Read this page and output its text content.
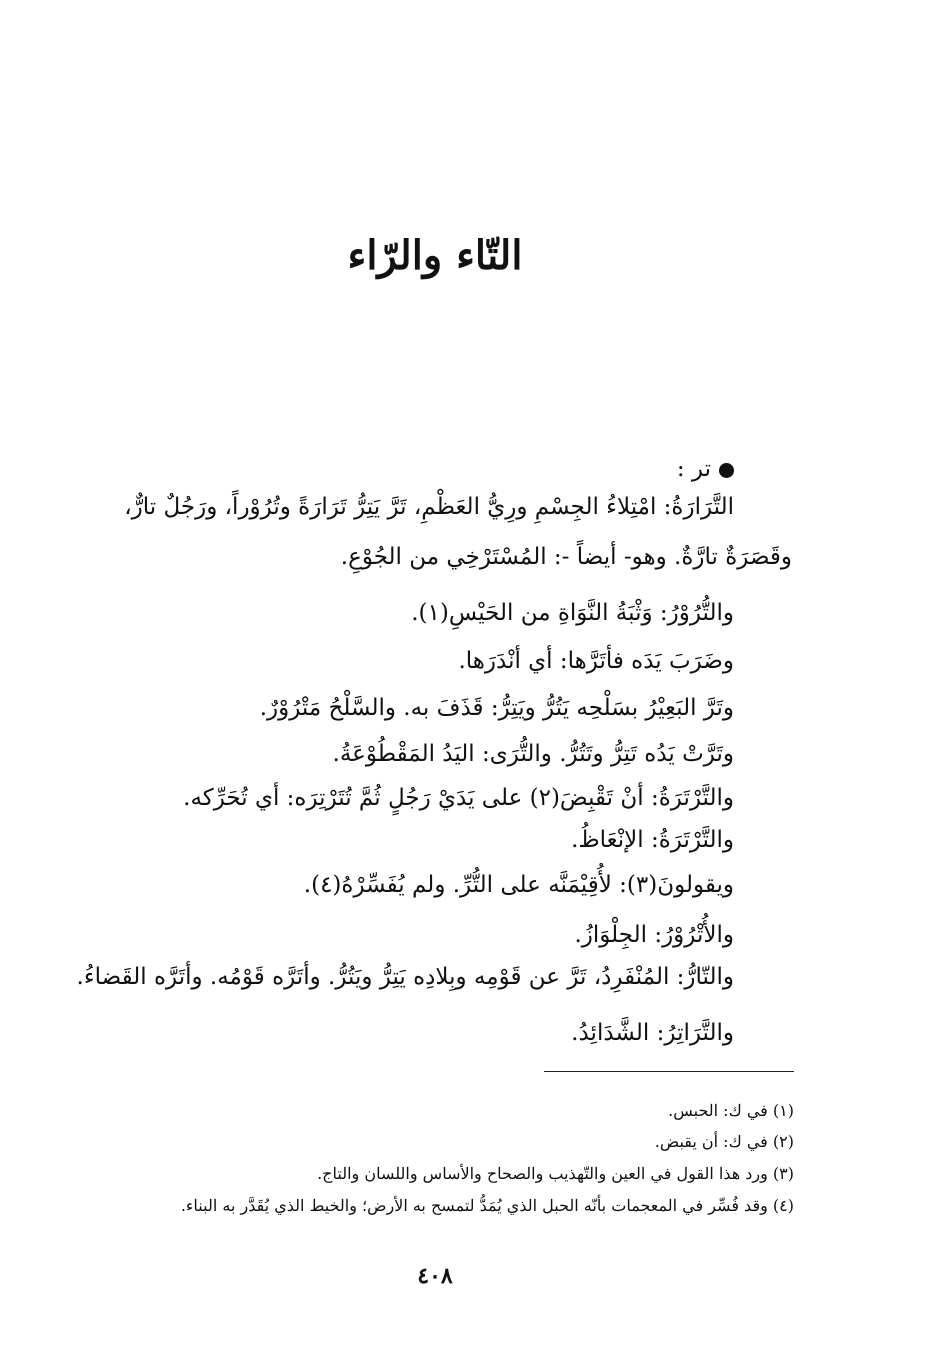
التّاء والرّاء
تر :
التَّرَارَةُ: امْتِلاءُ الجِسْمِ ورِيُّ العَظْمِ، تَرَّ يَتِرُّ تَرَارَةً وتُرُوْراً، ورَجُلٌ تارٌّ،
وقَصَرَةٌ تارَّةٌ. وهو- أيضاً -: المُسْتَرْخِي من الجُوْعِ.
والتُّرُوْرُ: وَثْبَةُ النَّوَاةِ من الحَيْسِ(١).
وضَرَبَ يَدَه فأتَرَّها: أي أنْدَرَها.
وتَرَّ البَعِيْرُ بسَلْحِه يَتُرُّ ويَتِرُّ: قَذَفَ به. والسَّلْحُ مَتْرُوْرٌ.
وتَرَّتْ يَدُه تَتِرُّ وتَتُرُّ. والتُّرَى: اليَدُ المَقْطُوْعَةُ.
والتَّرْتَرَةُ: أنْ تَقْبِضَ(٢) على يَدَيْ رَجُلٍ ثُمَّ تُتَرْتِرَه: أي تُحَرِّكه.
والتَّرْتَرَةُ: الإنْعَاظُ.
ويقولونَ(٣): لأُقِيْمَنَّه على التُّرِّ. ولم يُفَسِّرْهُ(٤).
والأُتْرُوْرُ: الجِلْوَازُ.
والتّارُّ: المُنْفَرِدُ، تَرَّ عن قَوْمِه وبِلادِه يَتِرُّ ويَتُرُّ. وأتَرَّه قَوْمُه. وأتَرَّه القَضاءُ.
والتَّرَاتِرُ: الشَّدَائِدُ.
(١) في ك: الحبس.
(٢) في ك: أن يقبض.
(٣) ورد هذا القول في العين والتّهذيب والصحاح والأساس واللسان والتاج.
(٤) وقد فُسِّر في المعجمات بأنّه الحبل الذي يُمَدُّ لتمسح به الأرض؛ والخيط الذي يُقَدَّر به البناء.
٤٠٨
